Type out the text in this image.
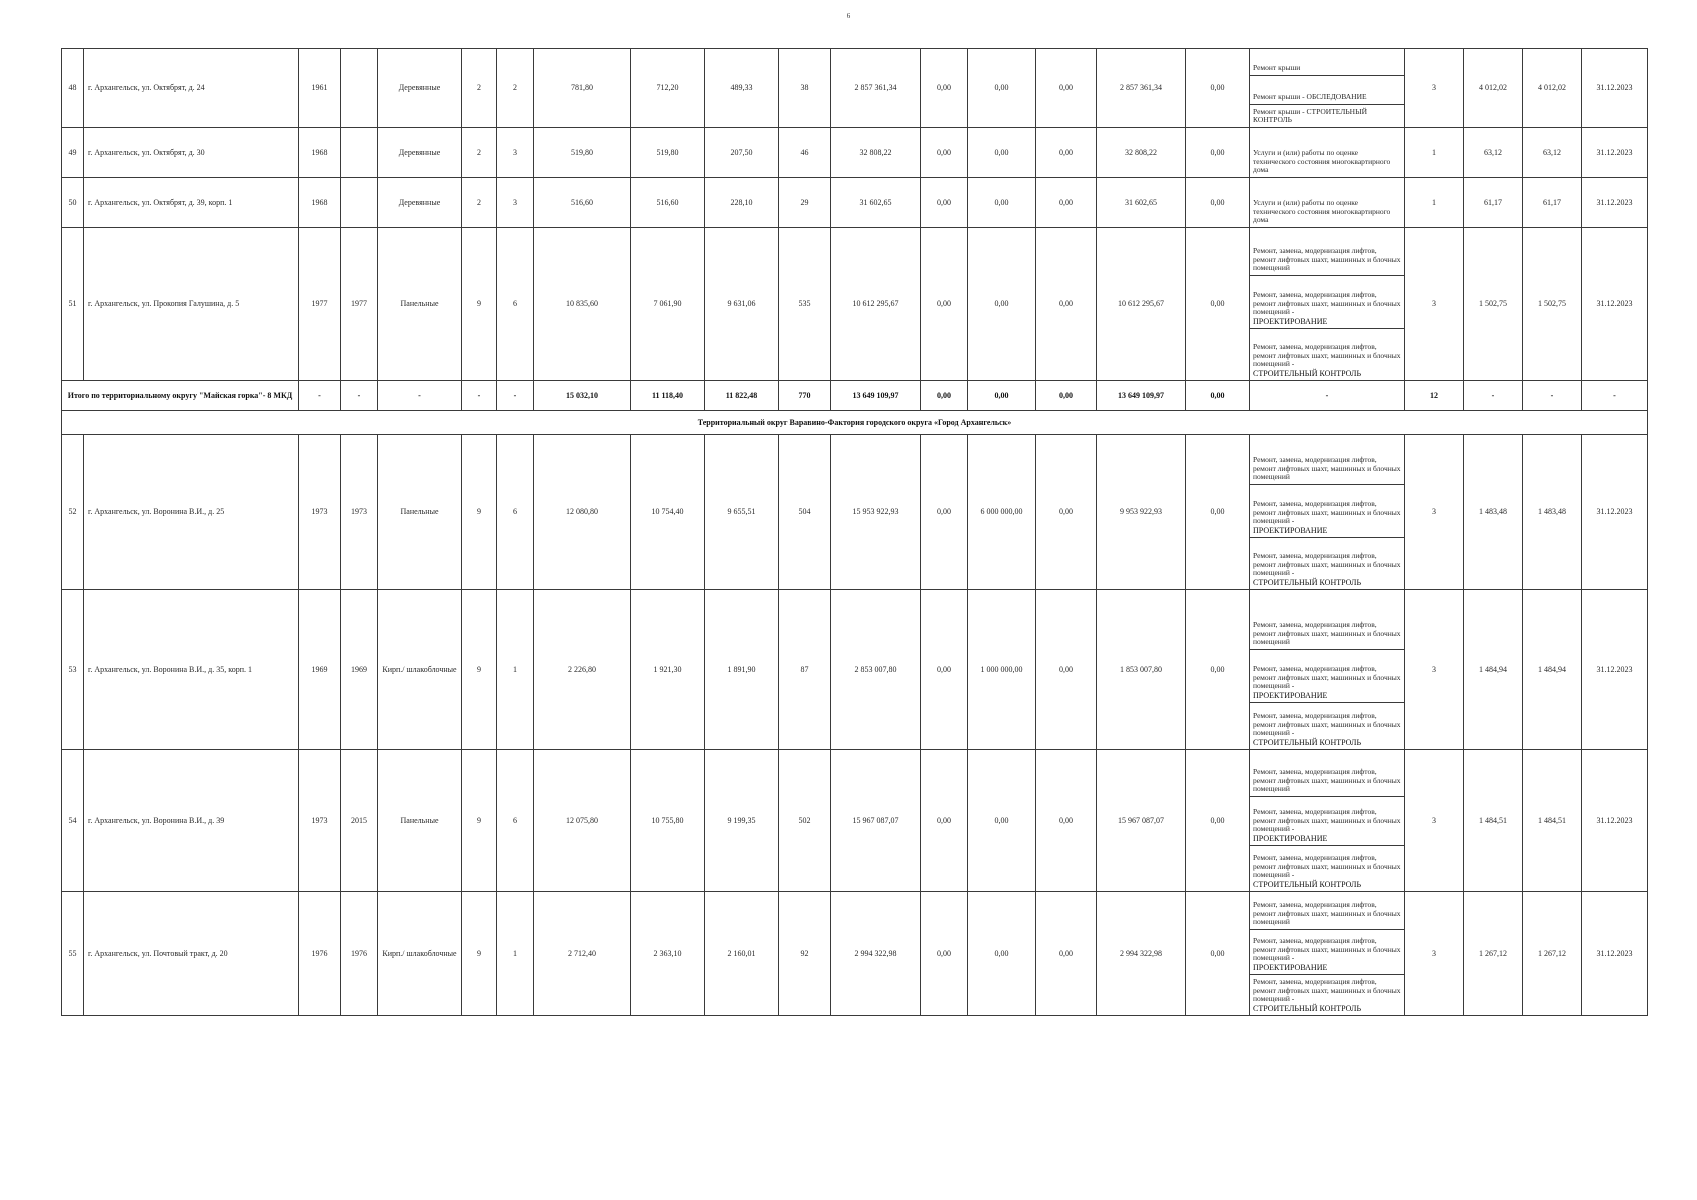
6
48	г. Архангельск, ул. Октябрят, д. 24	1961		Деревянные	2	2	781,80	712,20	489,33	38	2 857 361,34	0,00	0,00	0,00	2 857 361,34	0,00	Ремонт крыши	3	4 012,02	4 012,02	31.12.2023

																	Ремонт крыши - ОБСЛЕДОВАНИЕ				

																	Ремонт крыши - СТРОИТЕЛЬНЫЙ КОНТРОЛЬ				

49	г. Архангельск, ул. Октябрят, д. 30	1968		Деревянные	2	3	519,80	519,80	207,50	46	32 808,22	0,00	0,00	0,00	32 808,22	0,00	Услуги и (или) работы по оценке технического состояния многоквартирного дома	1	63,12	63,12	31.12.2023
50	г. Архангельск, ул. Октябрят, д. 39, корп. 1	1968		Деревянные	2	3	516,60	516,60	228,10	29	31 602,65	0,00	0,00	0,00	31 602,65	0,00	Услуги и (или) работы по оценке технического состояния многоквартирного дома	1	61,17	61,17	31.12.2023
51	г. Архангельск, ул. Прокопия Галушина, д. 5	1977	1977	Панельные	9	6	10 835,60	7 061,90	9 631,06	535	10 612 295,67	0,00	0,00	0,00	10 612 295,67	0,00	Ремонт, замена, модернизация лифтов, ремонт лифтовых шахт, машинных и блочных помещений	3	1 502,75	1 502,75	31.12.2023

																	Ремонт, замена, модернизация лифтов, ремонт лифтовых шахт, машинных и блочных помещений -
ПРОЕКТИРОВАНИЕ				

																	Ремонт, замена, модернизация лифтов, ремонт лифтовых шахт, машинных и блочных помещений -
СТРОИТЕЛЬНЫЙ КОНТРОЛЬ				

Итого по территориальному округу "Майская горка"- 8 МКД		-	-	-	-	-	15 032,10	11 118,40	11 822,48	770	13 649 109,97	0,00	0,00	0,00	13 649 109,97	0,00	-	12	-	-	-
Территориальный округ Варавино-Фактория городского округа «Город Архангельск»																					
52	г. Архангельск, ул. Воронина В.И., д. 25	1973	1973	Панельные	9	6	12 080,80	10 754,40	9 655,51	504	15 953 922,93	0,00	6 000 000,00	0,00	9 953 922,93	0,00	Ремонт, замена, модернизация лифтов, ремонт лифтовых шахт, машинных и блочных помещений	3	1 483,48	1 483,48	31.12.2023

																	Ремонт, замена, модернизация лифтов, ремонт лифтовых шахт, машинных и блочных помещений -
ПРОЕКТИРОВАНИЕ				

																	Ремонт, замена, модернизация лифтов, ремонт лифтовых шахт, машинных и блочных помещений -
СТРОИТЕЛЬНЫЙ КОНТРОЛЬ				

53	г. Архангельск, ул. Воронина В.И., д. 35, корп. 1	1969	1969	Кирп./ шлакоблочные	9	1	2 226,80	1 921,30	1 891,90	87	2 853 007,80	0,00	1 000 000,00	0,00	1 853 007,80	0,00	Ремонт, замена, модернизация лифтов, ремонт лифтовых шахт, машинных и блочных помещений	3	1 484,94	1 484,94	31.12.2023

																	Ремонт, замена, модернизация лифтов, ремонт лифтовых шахт, машинных и блочных помещений -
ПРОЕКТИРОВАНИЕ				

																	Ремонт, замена, модернизация лифтов, ремонт лифтовых шахт, машинных и блочных помещений -
СТРОИТЕЛЬНЫЙ КОНТРОЛЬ				

54	г. Архангельск, ул. Воронина В.И., д. 39	1973	2015	Панельные	9	6	12 075,80	10 755,80	9 199,35	502	15 967 087,07	0,00	0,00	0,00	15 967 087,07	0,00	Ремонт, замена, модернизация лифтов, ремонт лифтовых шахт, машинных и блочных помещений	3	1 484,51	1 484,51	31.12.2023

																	Ремонт, замена, модернизация лифтов, ремонт лифтовых шахт, машинных и блочных помещений -
ПРОЕКТИРОВАНИЕ				

																	Ремонт, замена, модернизация лифтов, ремонт лифтовых шахт, машинных и блочных помещений -
СТРОИТЕЛЬНЫЙ КОНТРОЛЬ				

55	г. Архангельск, ул. Почтовый тракт, д. 20	1976	1976	Кирп./ шлакоблочные	9	1	2 712,40	2 363,10	2 160,01	92	2 994 322,98	0,00	0,00	0,00	2 994 322,98	0,00	Ремонт, замена, модернизация лифтов, ремонт лифтовых шахт, машинных и блочных помещений	3	1 267,12	1 267,12	31.12.2023

																	Ремонт, замена, модернизация лифтов, ремонт лифтовых шахт, машинных и блочных помещений -
ПРОЕКТИРОВАНИЕ				

																	Ремонт, замена, модернизация лифтов, ремонт лифтовых шахт, машинных и блочных помещений -
СТРОИТЕЛЬНЫЙ КОНТРОЛЬ				
